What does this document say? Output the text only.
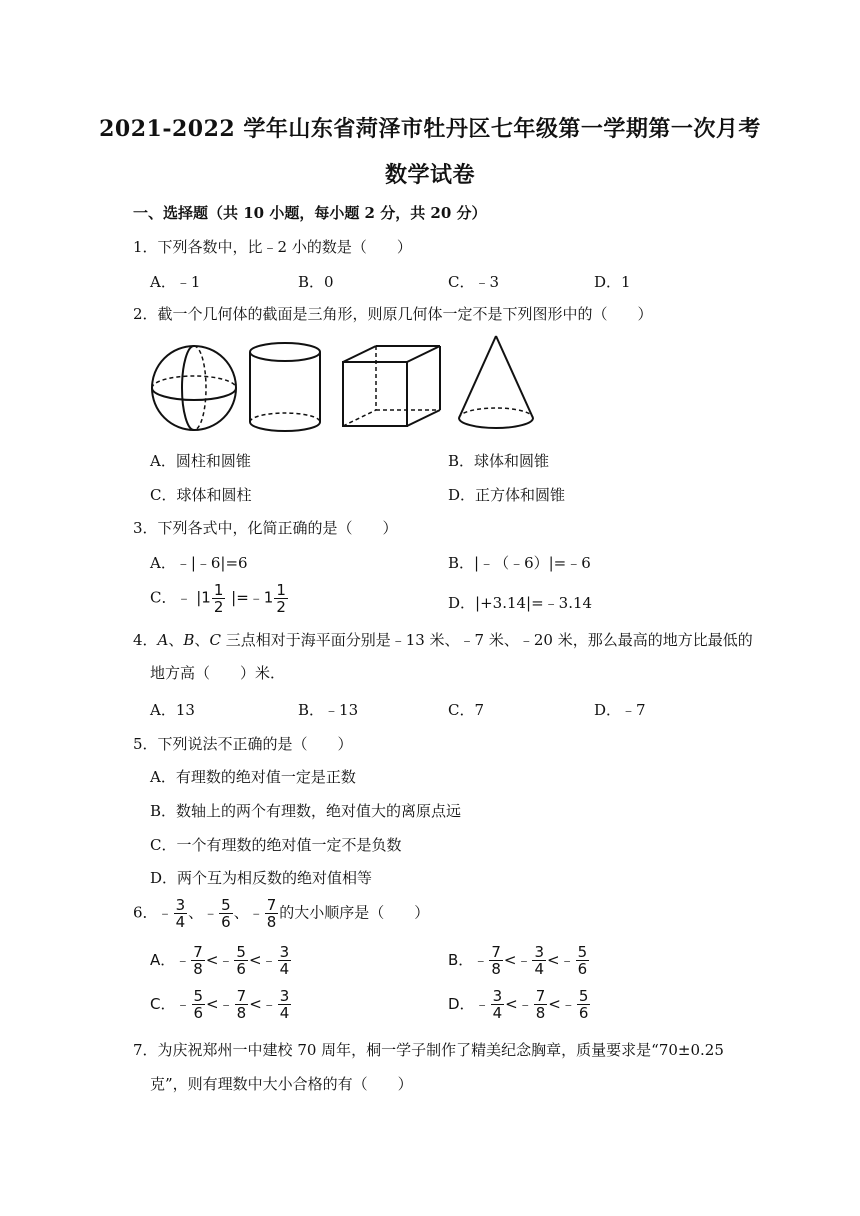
2021-2022 学年山东省菏泽市牡丹区七年级第一学期第一次月考
数学试卷
一、选择题（共 10 小题，每小题 2 分，共 20 分）
1．下列各数中，比﹣2 小的数是（　　）
A．﹣1	B．0	C．﹣3	D．1
2．截一个几何体的截面是三角形，则原几何体一定不是下列图形中的（　　）
A．圆柱和圆锥	B．球体和圆锥
C．球体和圆柱	D．正方体和圆锥
3．下列各式中，化简正确的是（　　）
A．﹣|﹣6|=6	B．|﹣（﹣6）|=﹣6
C．﹣ $|1 \frac{1}{2}$ |=﹣1 $\frac{1}{2}$	D．|+3.14|=﹣3.14
4．A、B、C 三点相对于海平面分别是﹣13 米、﹣7 米、﹣20 米，那么最高的地方比最低的
地方高（　　）米．
A．13	B．﹣13	C．7	D．﹣7
5．下列说法不正确的是（　　）
A．有理数的绝对值一定是正数
B．数轴上的两个有理数，绝对值大的离原点远
C．一个有理数的绝对值一定不是负数
D．两个互为相反数的绝对值相等
6．﹣ $\frac{3}{4}$ 、﹣ $\frac{5}{6}$ 、﹣ $\frac{7}{8}$ 的大小顺序是（　　）
A．﹣ $\frac{7}{8}$ <﹣ $\frac{5}{6}$ <﹣ $\frac{3}{4}$	B．﹣ $\frac{7}{8}$ <﹣ $\frac{3}{4}$ <﹣ $\frac{5}{6}$
C．﹣ $\frac{5}{6}$ <﹣ $\frac{7}{8}$ <﹣ $\frac{3}{4}$	D．﹣ $\frac{3}{4}$ <﹣ $\frac{7}{8}$ <﹣ $\frac{5}{6}$
7．为庆祝郑州一中建校 70 周年，桐一学子制作了精美纪念胸章，质量要求是“70±0.25
克”，则有理数中大小合格的有（　　）
